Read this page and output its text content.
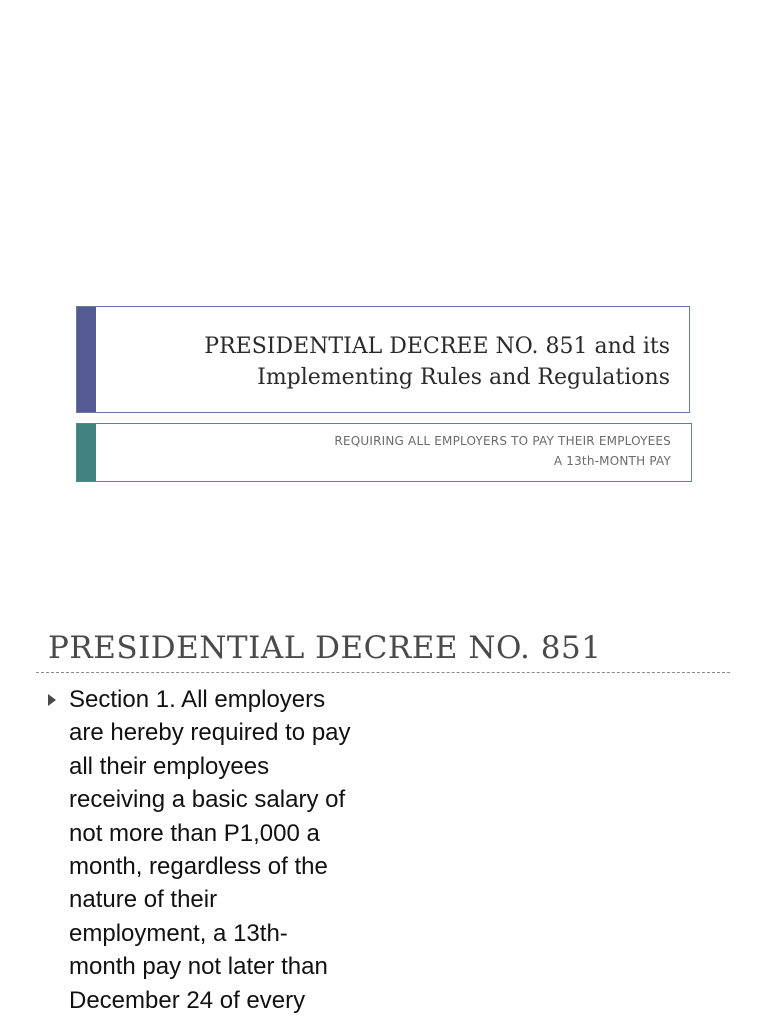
PRESIDENTIAL DECREE NO. 851 and its
Implementing Rules and Regulations
REQUIRING ALL EMPLOYERS TO PAY THEIR EMPLOYEES
A 13th-MONTH PAY
PRESIDENTIAL DECREE NO. 851
Section 1. All employers
are hereby required to pay
all their employees
receiving a basic salary of
not more than P1,000 a
month, regardless of the
nature of their
employment, a 13th-
month pay not later than
December 24 of every
